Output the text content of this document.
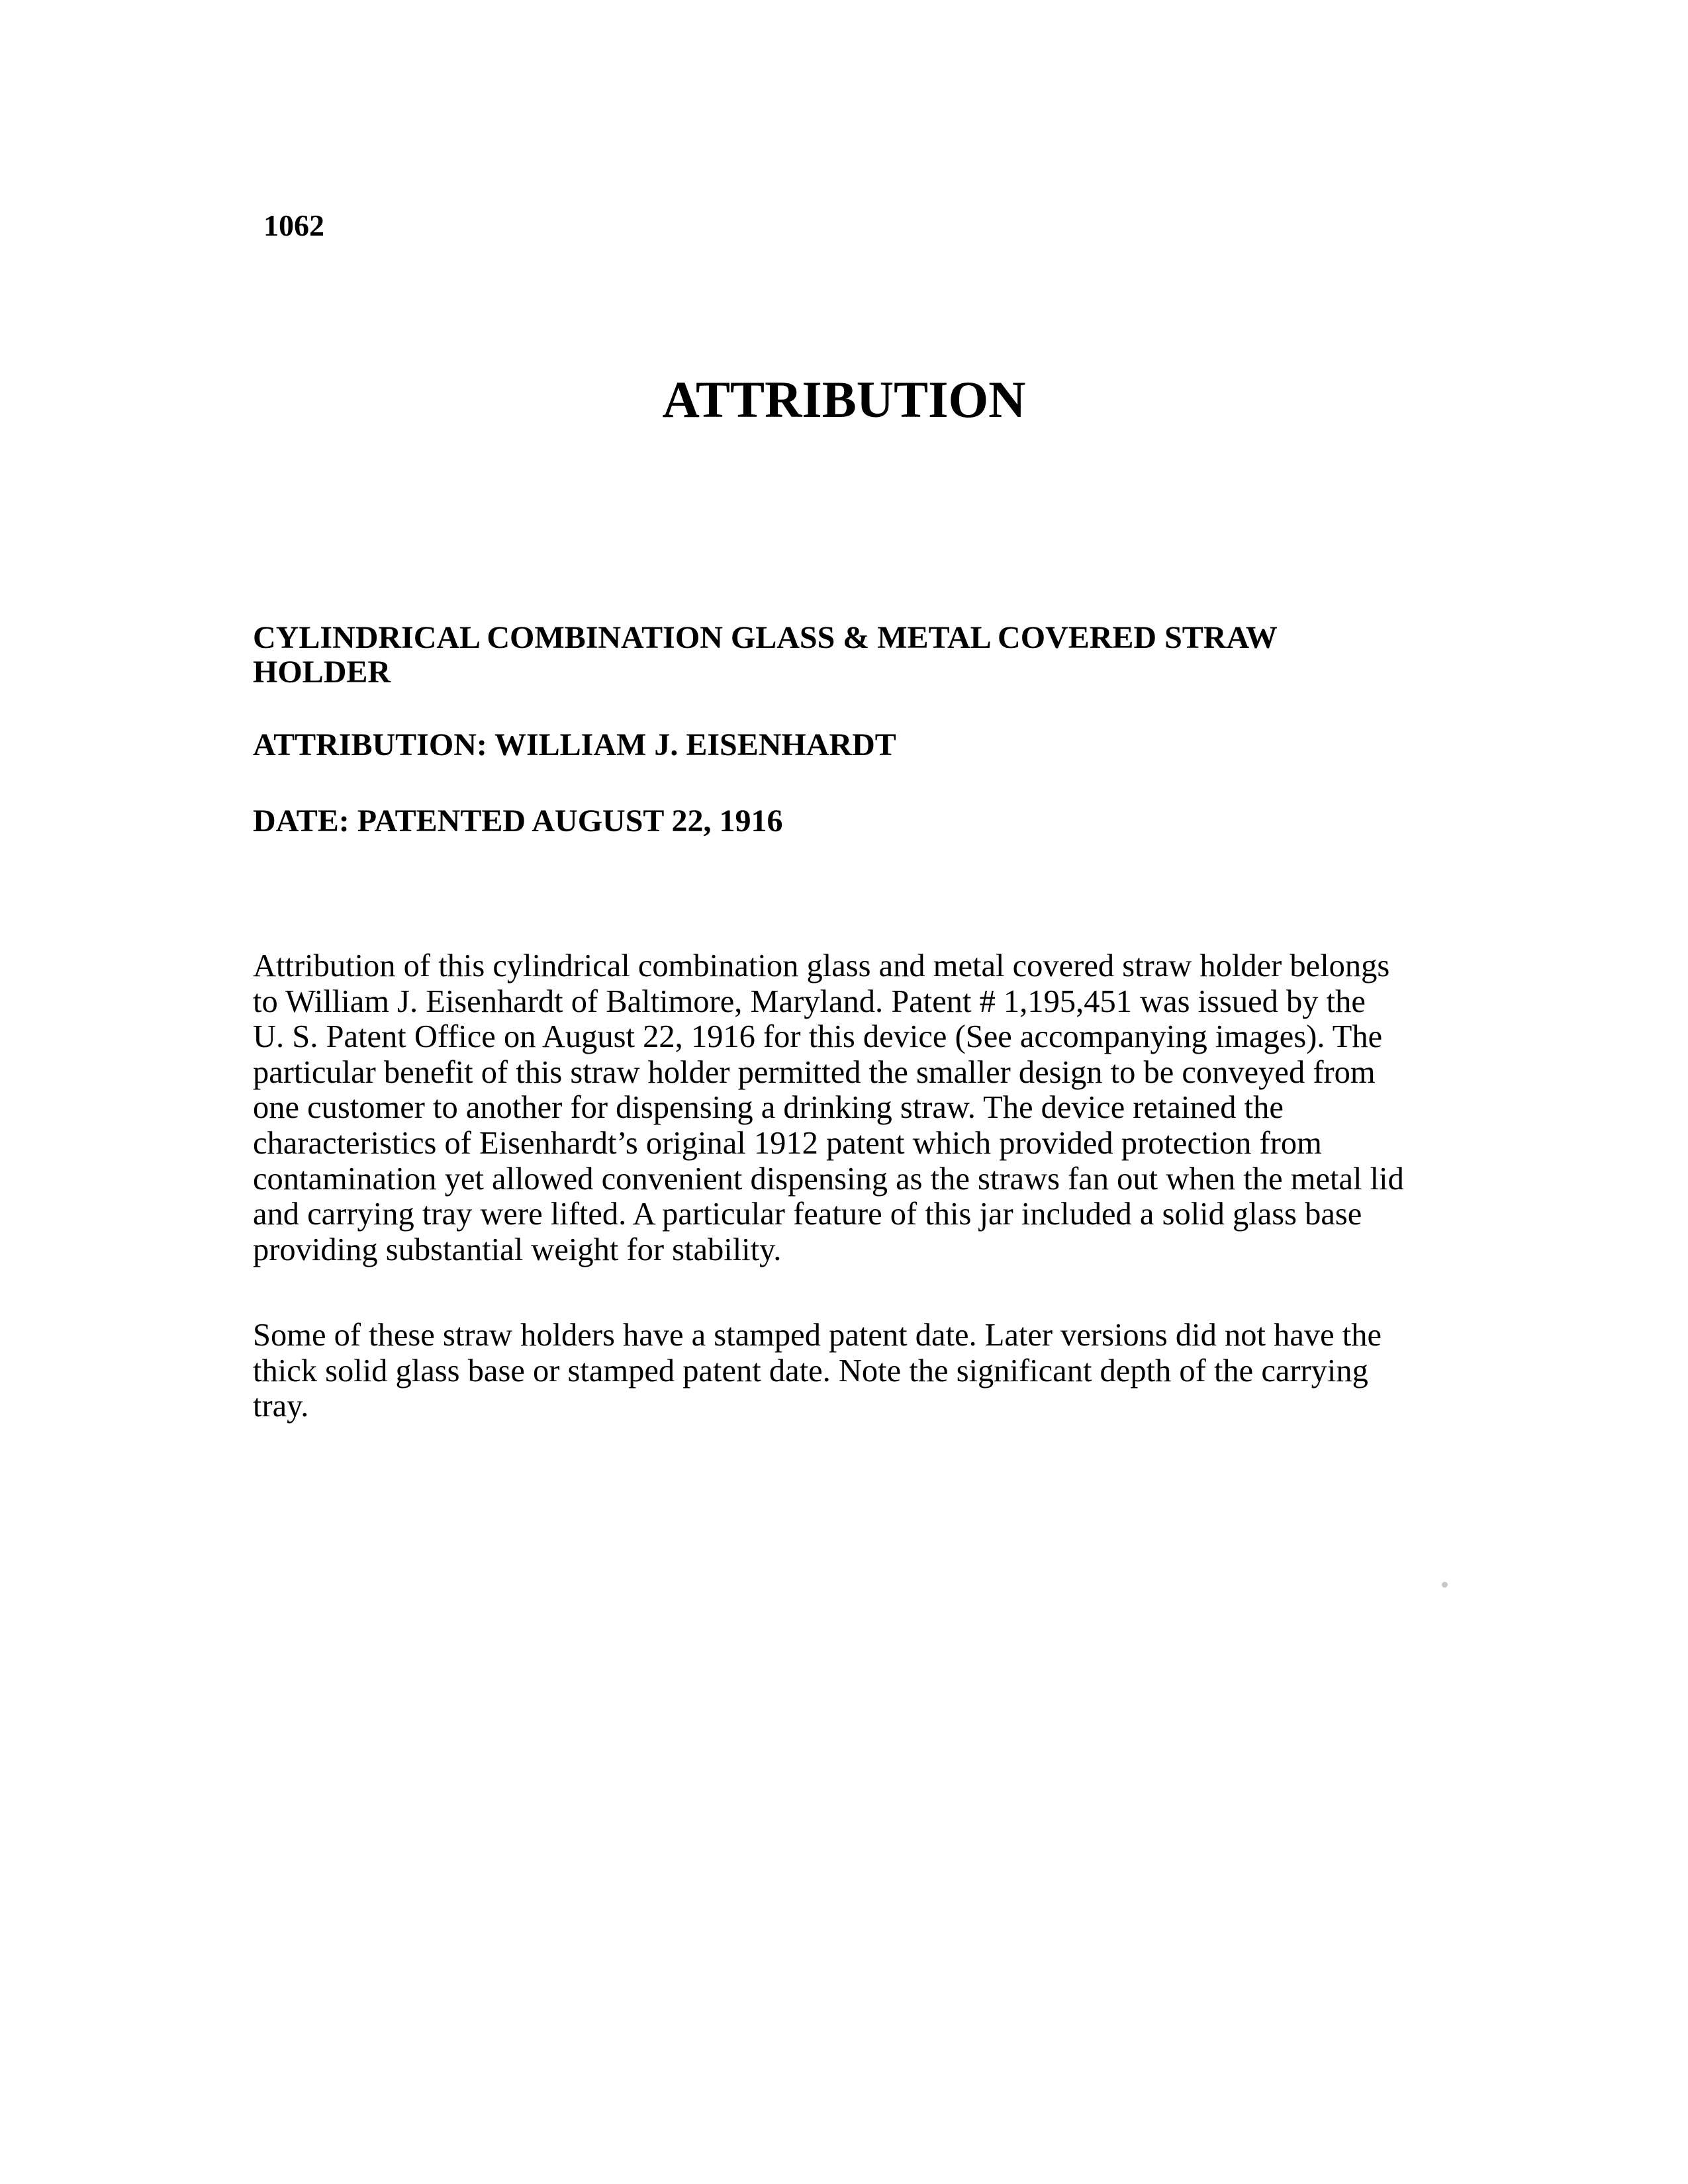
1062
ATTRIBUTION
CYLINDRICAL COMBINATION GLASS & METAL COVERED STRAW HOLDER
ATTRIBUTION: WILLIAM J. EISENHARDT
DATE: PATENTED AUGUST 22, 1916

Attribution of this cylindrical combination glass and metal covered straw holder belongs to William J. Eisenhardt of Baltimore, Maryland. Patent # 1,195,451 was issued by the U. S. Patent Office on August 22, 1916 for this device (See accompanying images). The particular benefit of this straw holder permitted the smaller design to be conveyed from one customer to another for dispensing a drinking straw. The device retained the characteristics of Eisenhardt’s original 1912 patent which provided protection from contamination yet allowed convenient dispensing as the straws fan out when the metal lid and carrying tray were lifted. A particular feature of this jar included a solid glass base providing substantial weight for stability.

Some of these straw holders have a stamped patent date. Later versions did not have the thick solid glass base or stamped patent date. Note the significant depth of the carrying tray.
